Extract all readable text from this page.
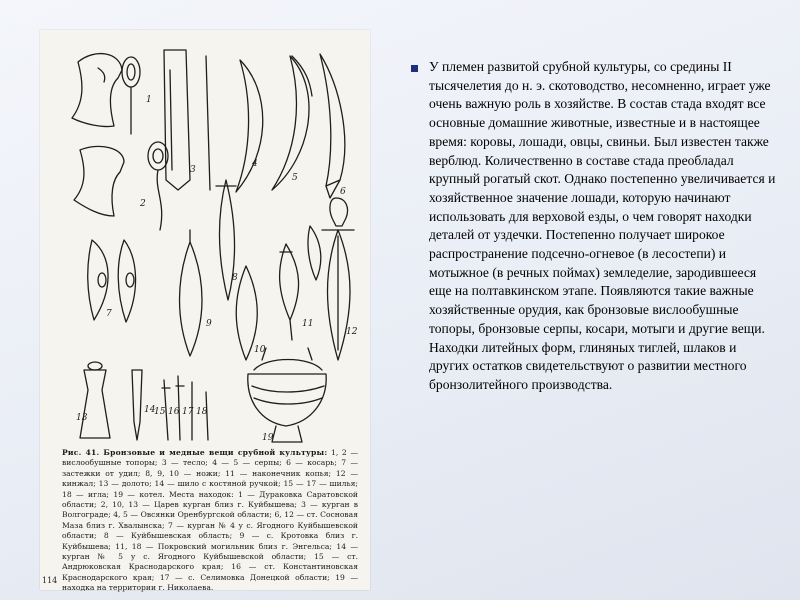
1
2
3
4
5
6
7
8
9
10
11
12
13
14
15 16 17 18
19
Рис. 41. Бронзовые и медные вещи срубной культуры: 1, 2 — вислообушные топоры; 3 — тесло; 4 — 5 — серпы; 6 — косарь; 7 — застежки от удил; 8, 9, 10 — ножи; 11 — наконечник копья; 12 — кинжал; 13 — долото; 14 — шило с костяной ручкой; 15 — 17 — шилья; 18 — игла; 19 — котел. Места находок: 1 — Дураковка Саратовской области; 2, 10, 13 — Царев курган близ г. Куйбышева; 3 — курган в Волгограде; 4, 5 — Овсянки Оренбургской области; 6, 12 — ст. Сосновая Маза близ г. Хвалынска; 7 — курган № 4 у с. Ягодного Куйбышевской области; 8 — Куйбышевская область; 9 — с. Кротовка близ г. Куйбышева; 11, 18 — Покровский могильник близ г. Энгельса; 14 — курган № 5 у с. Ягодного Куйбышевской области; 15 — ст. Андрюковская Краснодарского края; 16 — ст. Константиновская Краснодарского края; 17 — с. Селимовка Донецкой области; 19 — находка на территории г. Николаева.
114

У племен развитой срубной культуры, со средины II тысячелетия до н. э. скотоводство, несомненно, играет уже очень важную роль в хозяйстве. В состав стада входят все основные домашние животные, известные и в настоящее время: коровы, лошади, овцы, свиньи. Был известен также верблюд. Количественно в составе стада преобладал крупный рогатый скот. Однако постепенно увеличивается и хозяйственное значение лошади, которую начинают использовать для верховой езды, о чем говорят находки деталей от уздечки. Постепенно получает широкое распространение подсечно-огневое (в лесостепи) и мотыжное (в речных поймах) земледелие, зародившееся еще на полтавкинском этапе. Появляются такие важные хозяйственные орудия, как бронзовые вислообушные топоры, бронзовые серпы, косари, мотыги и другие вещи. Находки литейных форм, глиняных тиглей, шлаков и других остатков свидетельствуют о развитии местного бронзолитейного производства.
